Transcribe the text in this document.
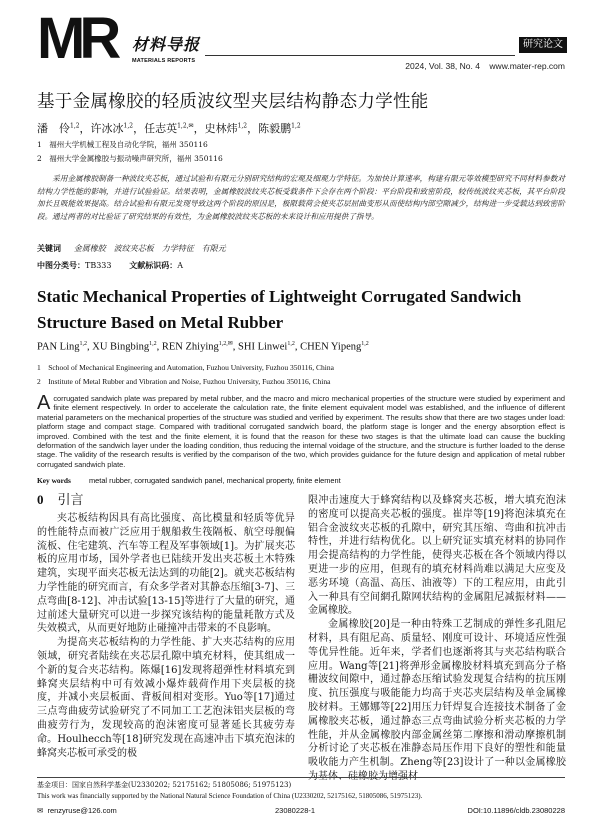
MR 材料导报
MATERIALS REPORTS
研究论文
2024, Vol. 38, No. 4 www.mater-rep.com
基于金属橡胶的轻质波纹型夹层结构静态力学性能
潘　伶$^{1,2}$，许冰冰$^{1,2}$，任志英$^{1,2,✉}$，史林炜$^{1,2}$，陈毅鹏$^{1,2}$
1　福州大学机械工程及自动化学院，福州 350116
2　福州大学金属橡胶与振动噪声研究所，福州 350116
采用金属橡胶制备一种波纹夹芯板，通过试验和有限元分别研究结构的宏观及细观力学特征。为加快计算速率，构建有限元等效模型研究不同材料参数对结构力学性能的影响，并进行试验验证。结果表明，金属橡胶波纹夹芯板受载条件下会存在两个阶段：平台阶段和致密阶段，较传统波纹夹芯板，其平台阶段加长且吸能效果提高。结合试验和有限元发现导致这两个阶段的原因是，极限载荷会使夹芯层屈曲变形从而使结构内部空隙减少，结构进一步受载达到致密阶段。通过两者的对比验证了研究结果的有效性，为金属橡胶波纹夹芯板的未来设计和应用提供了指导。
关键词 金属橡胶　波纹夹芯板　力学特征　有限元
中图分类号：TB333 文献标识码：A
Static Mechanical Properties of Lightweight Corrugated Sandwich Structure Based on Metal Rubber
PAN Ling$^{1,2}$, XU Bingbing$^{1,2}$, REN Zhiying$^{1,2,✉}$, SHI Linwei$^{1,2}$, CHEN Yipeng$^{1,2}$
1　School of Mechanical Engineering and Automation, Fuzhou University, Fuzhou 350116, China
2　Institute of Metal Rubber and Vibration and Noise, Fuzhou University, Fuzhou 350116, China
A corrugated sandwich plate was prepared by metal rubber, and the macro and micro mechanical properties of the structure were studied by experiment and finite element respectively. In order to accelerate the calculation rate, the finite element equivalent model was established, and the influence of different material parameters on the mechanical properties of the structure was studied and verified by experiment. The results show that there are two stages under load: platform stage and compact stage. Compared with traditional corrugated sandwich board, the platform stage is longer and the energy absorption effect is improved. Combined with the test and the finite element, it is found that the reason for these two stages is that the ultimate load can cause the buckling deformation of the sandwich layer under the loading condition, thus reducing the internal voidage of the structure, and the structure is further loaded to the dense stage. The validity of the research results is verified by the comparison of the two, which provides guidance for the future design and application of metal rubber corrugated sandwich plate.
Key words metal rubber, corrugated sandwich panel, mechanical property, finite element
0 引言

夹芯板结构因具有高比强度、高比模量和轻质等优异的性能特点而被广泛应用于舰船救生筏隔板、航空母舰偏流板、住宅建筑、汽车等工程及军事领域[1]。为扩展夹芯板的应用市场，国外学者也已陆续开发出夹芯板土木特殊建筑，实现平面夹芯板无法达到的功能[2]。就夹芯板结构力学性能的研究而言，有众多学者对其静态压缩[3-7]、三点弯曲[8-12]、冲击试验[13-15]等进行了大量的研究，通过前述大量研究可以进一步探究该结构的能量耗散方式及失效模式，从而更好地防止碰撞冲击带来的不良影响。

为提高夹芯板结构的力学性能、扩大夹芯结构的应用领域，研究者陆续在夹芯层孔隙中填充材料，使其组成一个新的复合夹芯结构。陈爆[16]发现将超弹性材料填充到蜂窝夹层结构中可有效减小爆炸载荷作用下夹层板的挠度，并减小夹层板面、背板间相对变形。Yuo等[17]通过三点弯曲疲劳试验研究了不同加工工艺泡沫铝夹层板的弯曲疲劳行为，发现较高的泡沫密度可显著延长其疲劳寿命。Houlhecch等[18]研究发现在高速冲击下填充泡沫的蜂窝夹芯板可承受的极

限冲击速度大于蜂窝结构以及蜂窝夹芯板，增大填充泡沫的密度可以提高夹芯板的强度。崔岸等[19]将泡沫填充在铝合金波纹夹芯板的孔隙中，研究其压缩、弯曲和抗冲击特性，并进行结构优化。以上研究证实填充材料的协同作用会提高结构的力学性能，使得夹芯板在各个领域内得以更进一步的应用，但现有的填充材料尚难以满足大应变及恶劣环境（高温、高压、油液等）下的工程应用，由此引入一种具有空间網孔隙网状结构的金属阻尼减振材料——金属橡胶。

金属橡胶[20]是一种由特殊工艺制成的弹性多孔阻尼材料，具有阻尼高、质量轻、刚度可设计、环境适应性强等优异性能。近年来，学者们也逐渐将其与夹芯结构联合应用。Wang等[21]将弹形金属橡胶材料填充到高分子格栅波纹间隙中，通过静态压缩试验发现复合结构的抗压刚度、抗压强度与吸能能力均高于夹芯夹层结构及单金属橡胶材料。王娜娜等[22]用压力钎焊复合连接技术制备了金属橡胶夹芯板，通过静态三点弯曲试验分析夹芯板的力学性能，并从金属橡胶内部金属丝第二摩擦和滑动摩擦机制分析讨论了夹芯板在准静态局压作用下良好的塑性和能量吸收能力产生机制。Zheng等[23]设计了一种以金属橡胶

基金项目：国家自然科学基金(U2330202; 52175162; 51805086; 51975123)
This work was financially supported by the National Natural Science Foundation of China (U2330202, 52175162, 51805086, 51975123).
✉ renzyruse@126.com	23080228-1	DOI:10.11896/cldb.23080228
